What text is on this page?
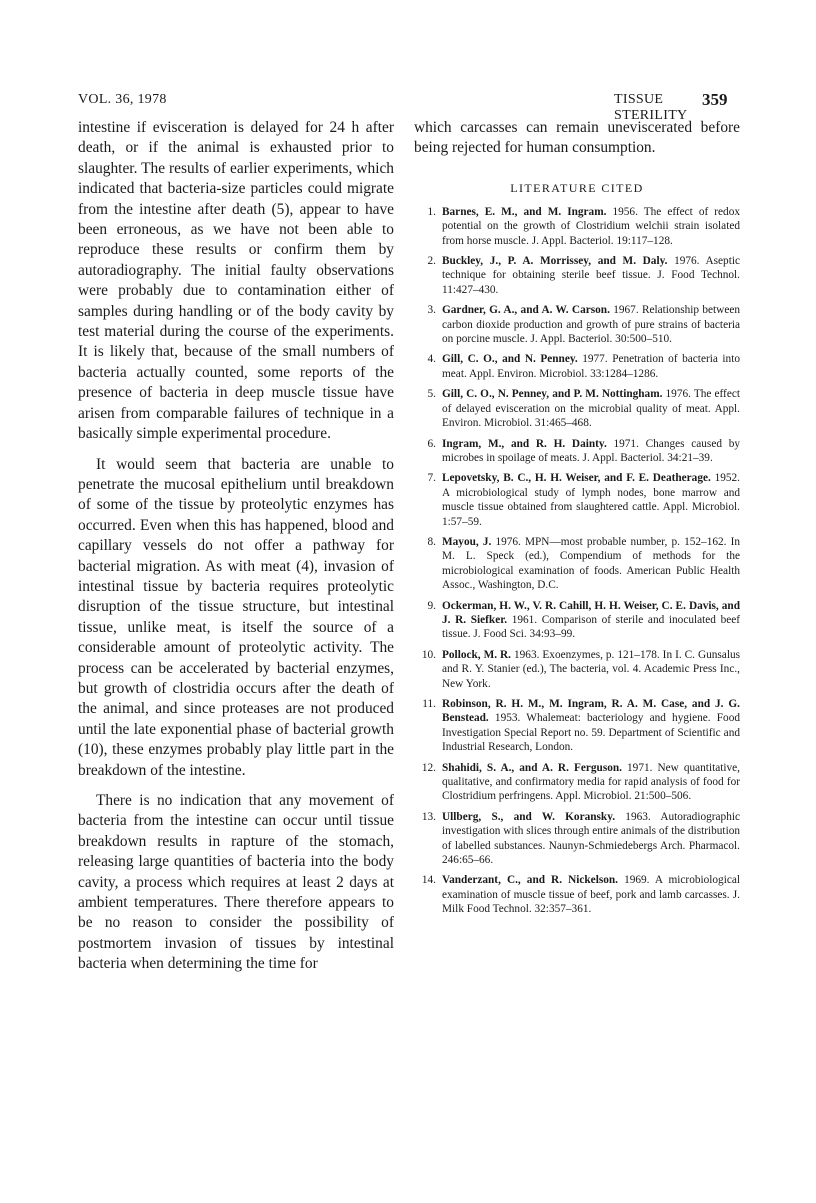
VOL. 36, 1978	TISSUE STERILITY
359

intestine if evisceration is delayed for 24 h after death, or if the animal is exhausted prior to slaughter. The results of earlier experiments, which indicated that bacteria-size particles could migrate from the intestine after death (5), appear to have been erroneous, as we have not been able to reproduce these results or confirm them by autoradiography. The initial faulty observations were probably due to contamination either of samples during handling or of the body cavity by test material during the course of the experiments. It is likely that, because of the small numbers of bacteria actually counted, some reports of the presence of bacteria in deep muscle tissue have arisen from comparable failures of technique in a basically simple experimental procedure.

It would seem that bacteria are unable to penetrate the mucosal epithelium until breakdown of some of the tissue by proteolytic enzymes has occurred. Even when this has happened, blood and capillary vessels do not offer a pathway for bacterial migration. As with meat (4), invasion of intestinal tissue by bacteria requires proteolytic disruption of the tissue structure, but intestinal tissue, unlike meat, is itself the source of a considerable amount of proteolytic activity. The process can be accelerated by bacterial enzymes, but growth of clostridia occurs after the death of the animal, and since proteases are not produced until the late exponential phase of bacterial growth (10), these enzymes probably play little part in the breakdown of the intestine.

There is no indication that any movement of bacteria from the intestine can occur until tissue breakdown results in rapture of the stomach, releasing large quantities of bacteria into the body cavity, a process which requires at least 2 days at ambient temperatures. There therefore appears to be no reason to consider the possibility of postmortem invasion of tissues by intestinal bacteria when determining the time for

which carcasses can remain uneviscerated before being rejected for human consumption.

LITERATURE CITED
1. Barnes, E. M., and M. Ingram. 1956. The effect of redox potential on the growth of Clostridium welchii strain isolated from horse muscle. J. Appl. Bacteriol. 19:117–128.
2. Buckley, J., P. A. Morrissey, and M. Daly. 1976. Aseptic technique for obtaining sterile beef tissue. J. Food Technol. 11:427–430.
3. Gardner, G. A., and A. W. Carson. 1967. Relationship between carbon dioxide production and growth of pure strains of bacteria on porcine muscle. J. Appl. Bacteriol. 30:500–510.
4. Gill, C. O., and N. Penney. 1977. Penetration of bacteria into meat. Appl. Environ. Microbiol. 33:1284–1286.
5. Gill, C. O., N. Penney, and P. M. Nottingham. 1976. The effect of delayed evisceration on the microbial quality of meat. Appl. Environ. Microbiol. 31:465–468.
6. Ingram, M., and R. H. Dainty. 1971. Changes caused by microbes in spoilage of meats. J. Appl. Bacteriol. 34:21–39.
7. Lepovetsky, B. C., H. H. Weiser, and F. E. Deatherage. 1952. A microbiological study of lymph nodes, bone marrow and muscle tissue obtained from slaughtered cattle. Appl. Microbiol. 1:57–59.
8. Mayou, J. 1976. MPN—most probable number, p. 152–162. In M. L. Speck (ed.), Compendium of methods for the microbiological examination of foods. American Public Health Assoc., Washington, D.C.
9. Ockerman, H. W., V. R. Cahill, H. H. Weiser, C. E. Davis, and J. R. Siefker. 1961. Comparison of sterile and inoculated beef tissue. J. Food Sci. 34:93–99.
10. Pollock, M. R. 1963. Exoenzymes, p. 121–178. In I. C. Gunsalus and R. Y. Stanier (ed.), The bacteria, vol. 4. Academic Press Inc., New York.
11. Robinson, R. H. M., M. Ingram, R. A. M. Case, and J. G. Benstead. 1953. Whalemeat: bacteriology and hygiene. Food Investigation Special Report no. 59. Department of Scientific and Industrial Research, London.
12. Shahidi, S. A., and A. R. Ferguson. 1971. New quantitative, qualitative, and confirmatory media for rapid analysis of food for Clostridium perfringens. Appl. Microbiol. 21:500–506.
13. Ullberg, S., and W. Koransky. 1963. Autoradiographic investigation with slices through entire animals of the distribution of labelled substances. Naunyn-Schmiedebergs Arch. Pharmacol. 246:65–66.
14. Vanderzant, C., and R. Nickelson. 1969. A microbiological examination of muscle tissue of beef, pork and lamb carcasses. J. Milk Food Technol. 32:357–361.
